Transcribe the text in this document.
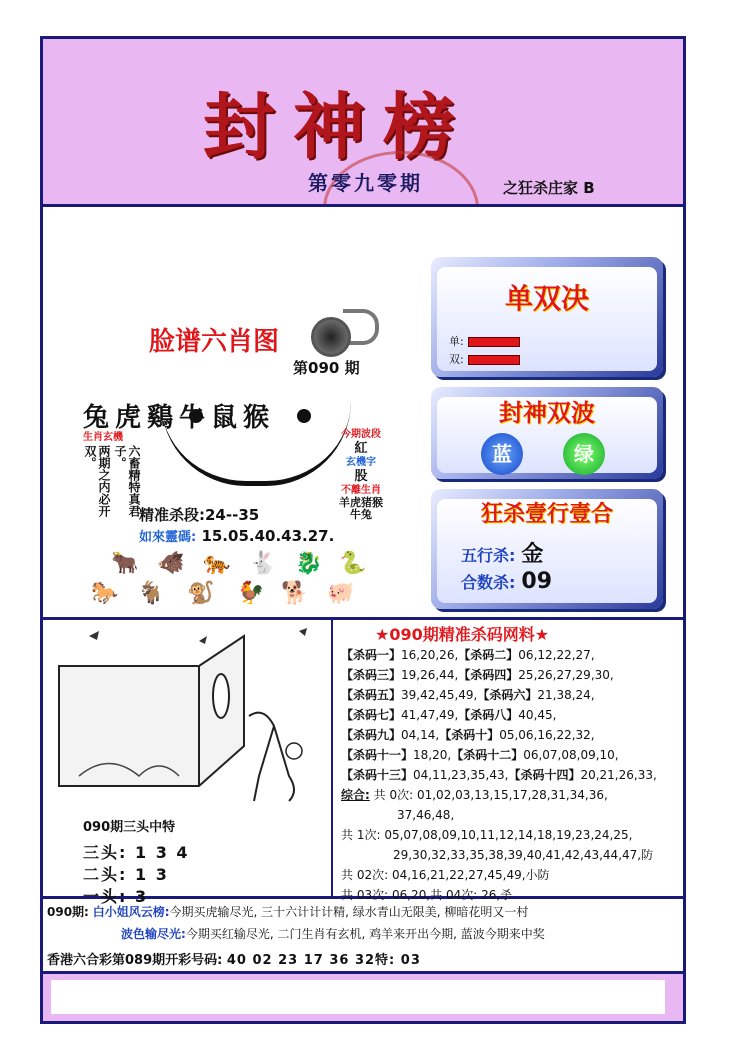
封神榜
第零九零期	之狂杀庄家 B
脸谱六肖图
第090 期
兔虎鷄牛鼠猴
生肖玄機
两期之内必开双。	六畜精特真君子。
今期波段
紅
玄機字
股
不離生肖
羊虎猪猴牛兔
精准杀段:24--35
如來靈碼: 15.05.40.43.27.
🐂 🐗 🐅 🐇 🐉 🐍
🐎 🐐 🐒 🐓 🐕 🐖
单双决
单:
双:
封神双波
蓝	绿
狂杀壹行壹合
五行杀: 金
合数杀: 09
090期三头中特
三头: 1 3 4
二头: 1 3
一头: 3
★090期精准杀码网料★
【杀码一】16,20,26,【杀码二】06,12,22,27,
【杀码三】19,26,44,【杀码四】25,26,27,29,30,
【杀码五】39,42,45,49,【杀码六】21,38,24,
【杀码七】41,47,49,【杀码八】40,45,
【杀码九】04,14,【杀码十】05,06,16,22,32,
【杀码十一】18,20,【杀码十二】06,07,08,09,10,
【杀码十三】04,11,23,35,43,【杀码十四】20,21,26,33,
综合: 共 0次: 01,02,03,13,15,17,28,31,34,36,
37,46,48,
共 1次: 05,07,08,09,10,11,12,14,18,19,23,24,25,
29,30,32,33,35,38,39,40,41,42,43,44,47,防
共 02次: 04,16,21,22,27,45,49,小防
共 03次: 06,20,共 04次: 26,杀
090期: 白小姐风云榜:今期买虎输尽光, 三十六计计计精, 绿水青山无限美, 柳暗花明又一村
波色输尽光:今期买红输尽光, 二门生肖有玄机, 鸡羊来开出今期, 蓝波今期来中奖
香港六合彩第089期开彩号码: 40 02 23 17 36 32特: 03
